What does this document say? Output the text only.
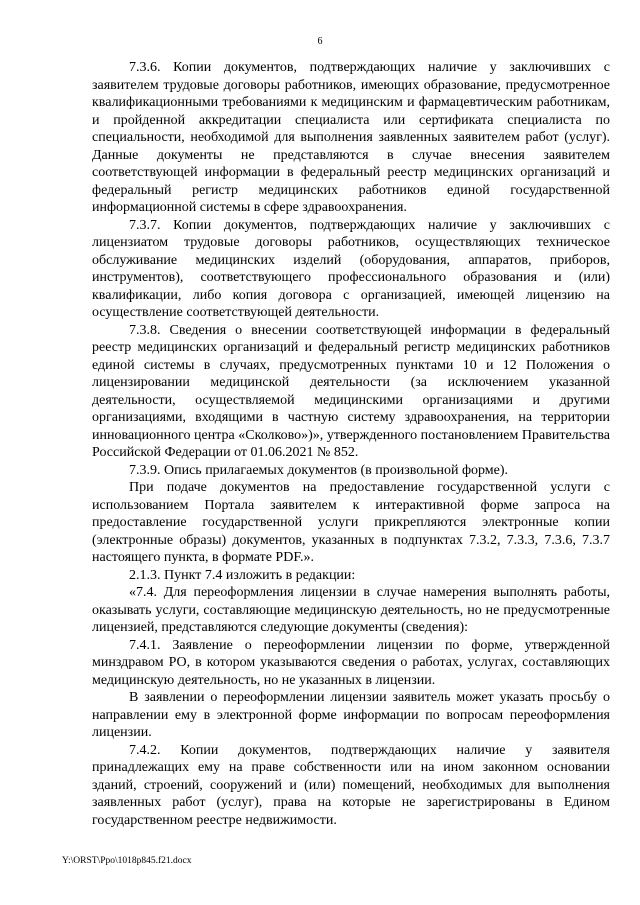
6

7.3.6. Копии документов, подтверждающих наличие у заключивших с заявителем трудовые договоры работников, имеющих образование, предусмотренное квалификационными требованиями к медицинским и фармацевтическим работникам, и пройденной аккредитации специалиста или сертификата специалиста по специальности, необходимой для выполнения заявленных заявителем работ (услуг). Данные документы не представляются в случае внесения заявителем соответствующей информации в федеральный реестр медицинских организаций и федеральный регистр медицинских работников единой государственной информационной системы в сфере здравоохранения.

7.3.7. Копии документов, подтверждающих наличие у заключивших с лицензиатом трудовые договоры работников, осуществляющих техническое обслуживание медицинских изделий (оборудования, аппаратов, приборов, инструментов), соответствующего профессионального образования и (или) квалификации, либо копия договора с организацией, имеющей лицензию на осуществление соответствующей деятельности.

7.3.8. Сведения о внесении соответствующей информации в федеральный реестр медицинских организаций и федеральный регистр медицинских работников единой системы в случаях, предусмотренных пунктами 10 и 12 Положения о лицензировании медицинской деятельности (за исключением указанной деятельности, осуществляемой медицинскими организациями и другими организациями, входящими в частную систему здравоохранения, на территории инновационного центра «Сколково»)», утвержденного постановлением Правительства Российской Федерации от 01.06.2021 № 852.

7.3.9. Опись прилагаемых документов (в произвольной форме).

При подаче документов на предоставление государственной услуги с использованием Портала заявителем к интерактивной форме запроса на предоставление государственной услуги прикрепляются электронные копии (электронные образы) документов, указанных в подпунктах 7.3.2, 7.3.3, 7.3.6, 7.3.7 настоящего пункта, в формате PDF.».

2.1.3. Пункт 7.4 изложить в редакции:

«7.4. Для переоформления лицензии в случае намерения выполнять работы, оказывать услуги, составляющие медицинскую деятельность, но не предусмотренные лицензией, представляются следующие документы (сведения):

7.4.1. Заявление о переоформлении лицензии по форме, утвержденной минздравом РО, в котором указываются сведения о работах, услугах, составляющих медицинскую деятельность, но не указанных в лицензии.

В заявлении о переоформлении лицензии заявитель может указать просьбу о направлении ему в электронной форме информации по вопросам переоформления лицензии.

7.4.2. Копии документов, подтверждающих наличие у заявителя принадлежащих ему на праве собственности или на ином законном основании зданий, строений, сооружений и (или) помещений, необходимых для выполнения заявленных работ (услуг), права на которые не зарегистрированы в Едином государственном реестре недвижимости.

Y:\ORST\Ppo\1018p845.f21.docx
